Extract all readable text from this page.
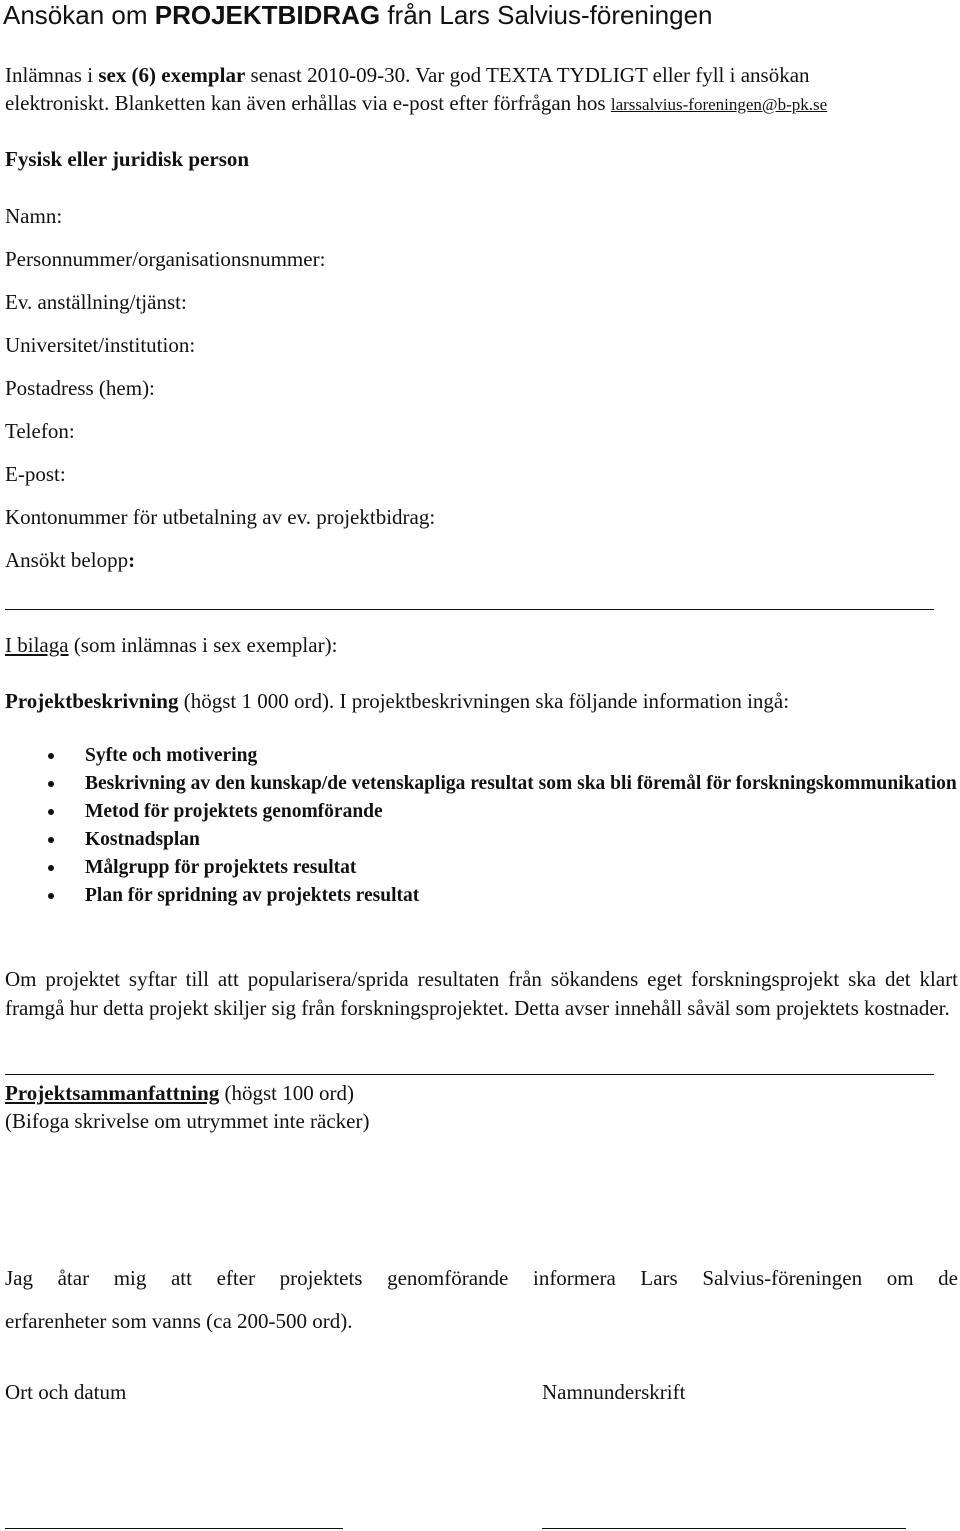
Ansökan om PROJEKTBIDRAG från Lars Salvius-föreningen
Inlämnas i sex (6) exemplar senast 2010-09-30. Var god TEXTA TYDLIGT eller fyll i ansökan
elektroniskt. Blanketten kan även erhållas via e-post efter förfrågan hos larssalvius-foreningen@b-pk.se
Fysisk eller juridisk person
Namn:
Personnummer/organisationsnummer:
Ev. anställning/tjänst:
Universitet/institution:
Postadress (hem):
Telefon:
E-post:
Kontonummer för utbetalning av ev. projektbidrag:
Ansökt belopp:
I bilaga (som inlämnas i sex exemplar):
Projektbeskrivning (högst 1 000 ord). I projektbeskrivningen ska följande information ingå:
Syfte och motivering
Beskrivning av den kunskap/de vetenskapliga resultat som ska bli föremål för forskningskommunikation
Metod för projektets genomförande
Kostnadsplan
Målgrupp för projektets resultat
Plan för spridning av projektets resultat
Om projektet syftar till att popularisera/sprida resultaten från sökandens eget forskningsprojekt ska det klart framgå hur detta projekt skiljer sig från forskningsprojektet. Detta avser innehåll såväl som projektets kostnader.
Projektsammanfattning (högst 100 ord)
(Bifoga skrivelse om utrymmet inte räcker)
Jag åtar mig att efter projektets genomförande informera Lars Salvius-föreningen om de
erfarenheter som vanns (ca 200-500 ord).
Ort och datum	Namnunderskrift
